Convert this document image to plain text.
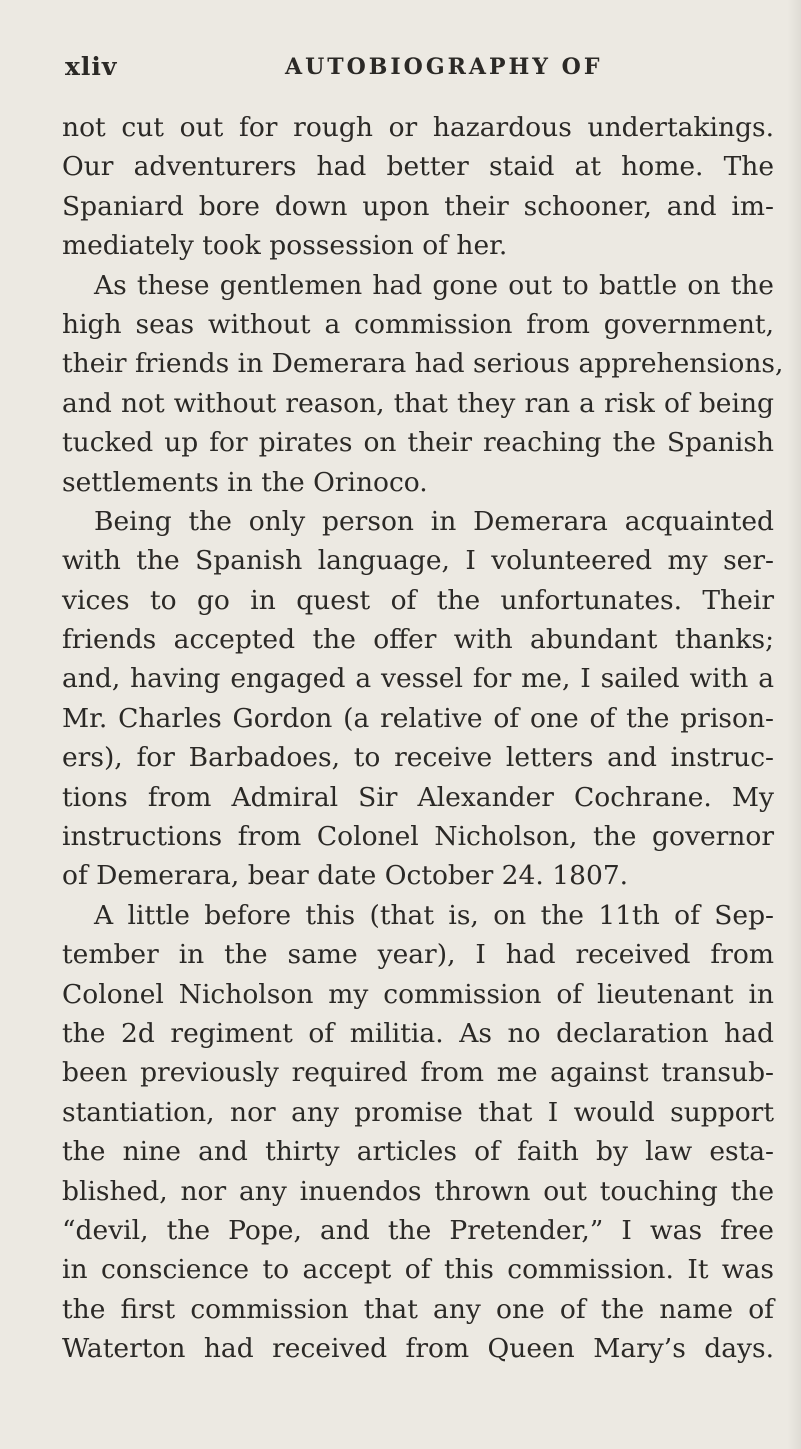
xliv	AUTOBIOGRAPHY OF
not cut out for rough or hazardous undertakings.
Our adventurers had better staid at home. The
Spaniard bore down upon their schooner, and im-
mediately took possession of her.
As these gentlemen had gone out to battle on the
high seas without a commission from government,
their friends in Demerara had serious apprehensions,
and not without reason, that they ran a risk of being
tucked up for pirates on their reaching the Spanish
settlements in the Orinoco.
Being the only person in Demerara acquainted
with the Spanish language, I volunteered my ser-
vices to go in quest of the unfortunates. Their
friends accepted the offer with abundant thanks;
and, having engaged a vessel for me, I sailed with a
Mr. Charles Gordon (a relative of one of the prison-
ers), for Barbadoes, to receive letters and instruc-
tions from Admiral Sir Alexander Cochrane. My
instructions from Colonel Nicholson, the governor
of Demerara, bear date October 24. 1807.
A little before this (that is, on the 11th of Sep-
tember in the same year), I had received from
Colonel Nicholson my commission of lieutenant in
the 2d regiment of militia. As no declaration had
been previously required from me against transub-
stantiation, nor any promise that I would support
the nine and thirty articles of faith by law esta-
blished, nor any inuendos thrown out touching the
“devil, the Pope, and the Pretender,” I was free
in conscience to accept of this commission. It was
the first commission that any one of the name of
Waterton had received from Queen Mary’s days.
